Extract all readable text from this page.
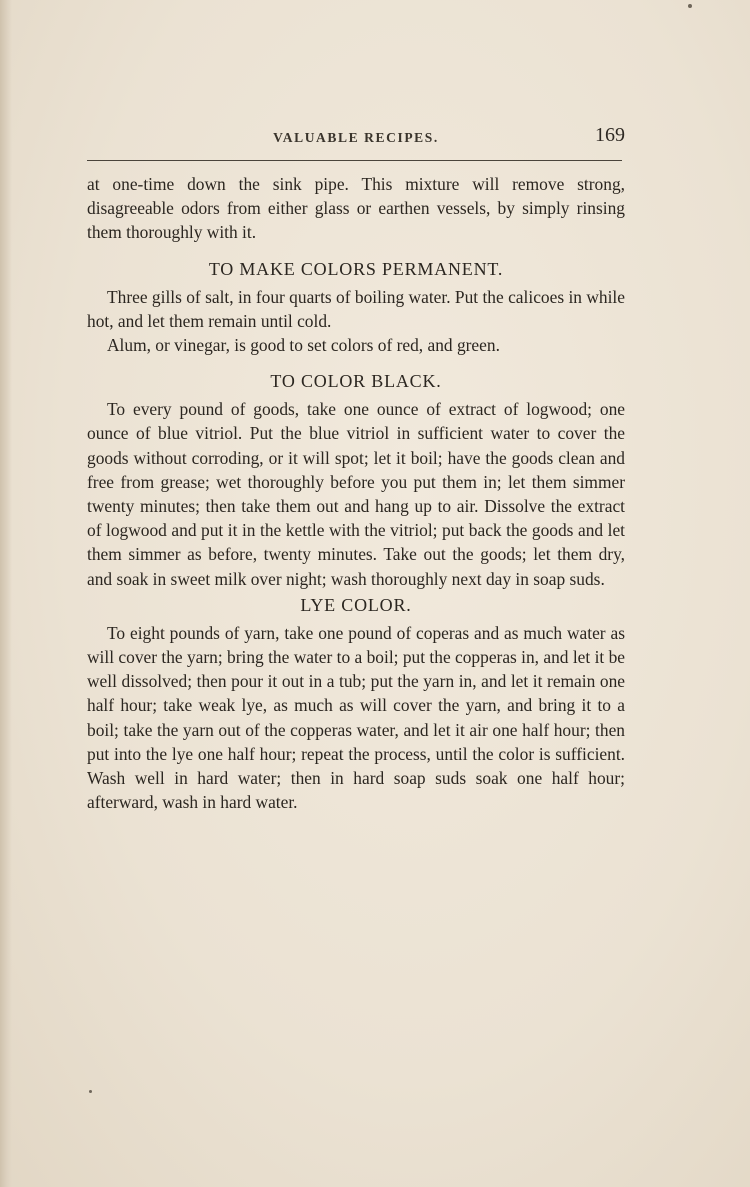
VALUABLE RECIPES.	169

at one-time down the sink pipe. This mixture will remove strong, disagreeable odors from either glass or earthen vessels, by simply rinsing them thoroughly with it.

TO MAKE COLORS PERMANENT.

Three gills of salt, in four quarts of boiling water. Put the calicoes in while hot, and let them remain until cold.

Alum, or vinegar, is good to set colors of red, and green.

TO COLOR BLACK.

To every pound of goods, take one ounce of extract of logwood; one ounce of blue vitriol. Put the blue vitriol in sufficient water to cover the goods without corroding, or it will spot; let it boil; have the goods clean and free from grease; wet thoroughly before you put them in; let them simmer twenty minutes; then take them out and hang up to air. Dissolve the extract of logwood and put it in the kettle with the vitriol; put back the goods and let them simmer as before, twenty minutes. Take out the goods; let them dry, and soak in sweet milk over night; wash thoroughly next day in soap suds.

LYE COLOR.

To eight pounds of yarn, take one pound of coperas and as much water as will cover the yarn; bring the water to a boil; put the copperas in, and let it be well dissolved; then pour it out in a tub; put the yarn in, and let it remain one half hour; take weak lye, as much as will cover the yarn, and bring it to a boil; take the yarn out of the copperas water, and let it air one half hour; then put into the lye one half hour; repeat the process, until the color is sufficient. Wash well in hard water; then in hard soap suds soak one half hour; afterward, wash in hard water.
